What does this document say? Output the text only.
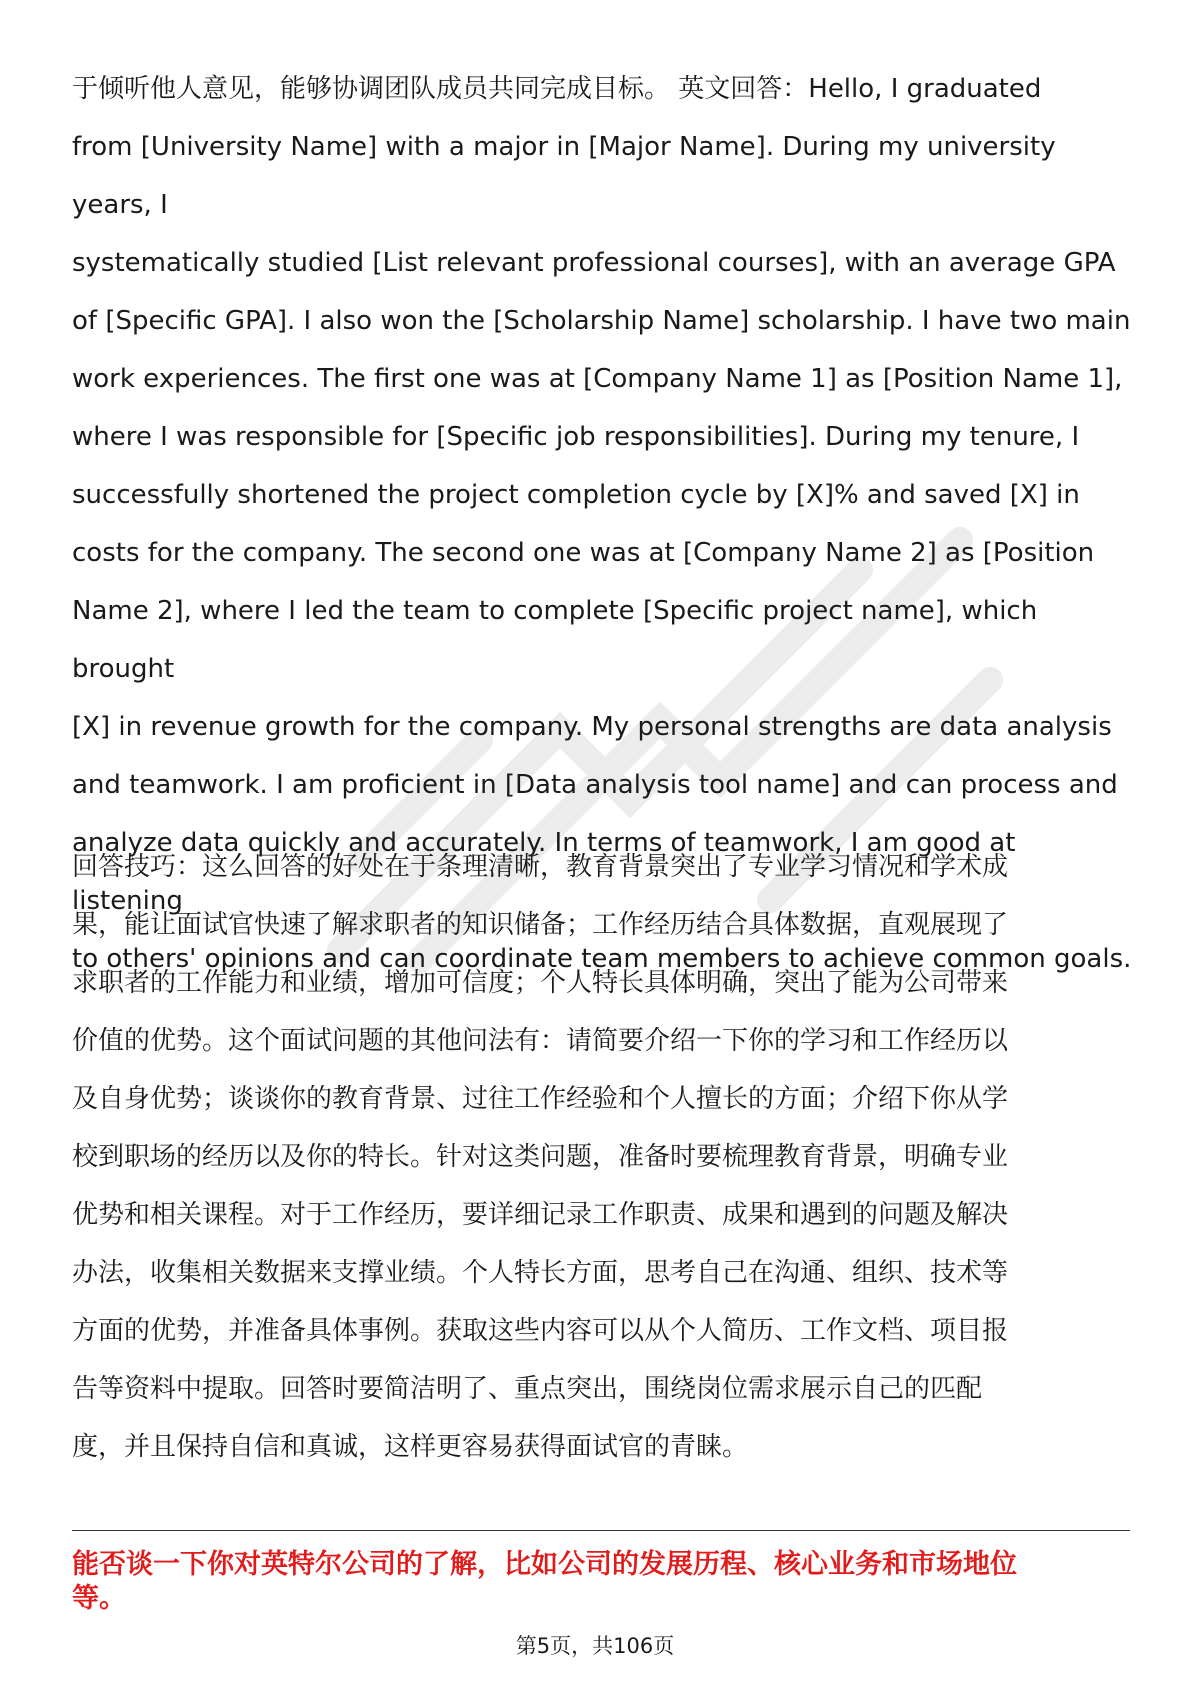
于倾听他人意见，能够协调团队成员共同完成目标。 英文回答：Hello, I graduated
from [University Name] with a major in [Major Name]. During my university years, I
systematically studied [List relevant professional courses], with an average GPA
of [Specific GPA]. I also won the [Scholarship Name] scholarship. I have two main
work experiences. The first one was at [Company Name 1] as [Position Name 1],
where I was responsible for [Specific job responsibilities]. During my tenure, I
successfully shortened the project completion cycle by [X]% and saved [X] in
costs for the company. The second one was at [Company Name 2] as [Position
Name 2], where I led the team to complete [Specific project name], which brought
[X] in revenue growth for the company. My personal strengths are data analysis
and teamwork. I am proficient in [Data analysis tool name] and can process and
analyze data quickly and accurately. In terms of teamwork, I am good at listening
to others' opinions and can coordinate team members to achieve common goals.

回答技巧：这么回答的好处在于条理清晰，教育背景突出了专业学习情况和学术成
果，能让面试官快速了解求职者的知识储备；工作经历结合具体数据，直观展现了
求职者的工作能力和业绩，增加可信度；个人特长具体明确，突出了能为公司带来
价值的优势。这个面试问题的其他问法有：请简要介绍一下你的学习和工作经历以
及自身优势；谈谈你的教育背景、过往工作经验和个人擅长的方面；介绍下你从学
校到职场的经历以及你的特长。针对这类问题，准备时要梳理教育背景，明确专业
优势和相关课程。对于工作经历，要详细记录工作职责、成果和遇到的问题及解决
办法，收集相关数据来支撑业绩。个人特长方面，思考自己在沟通、组织、技术等
方面的优势，并准备具体事例。获取这些内容可以从个人简历、工作文档、项目报
告等资料中提取。回答时要简洁明了、重点突出，围绕岗位需求展示自己的匹配
度，并且保持自信和真诚，这样更容易获得面试官的青睐。

能否谈一下你对英特尔公司的了解，比如公司的发展历程、核心业务和市场地位
等。

第5页，共106页
